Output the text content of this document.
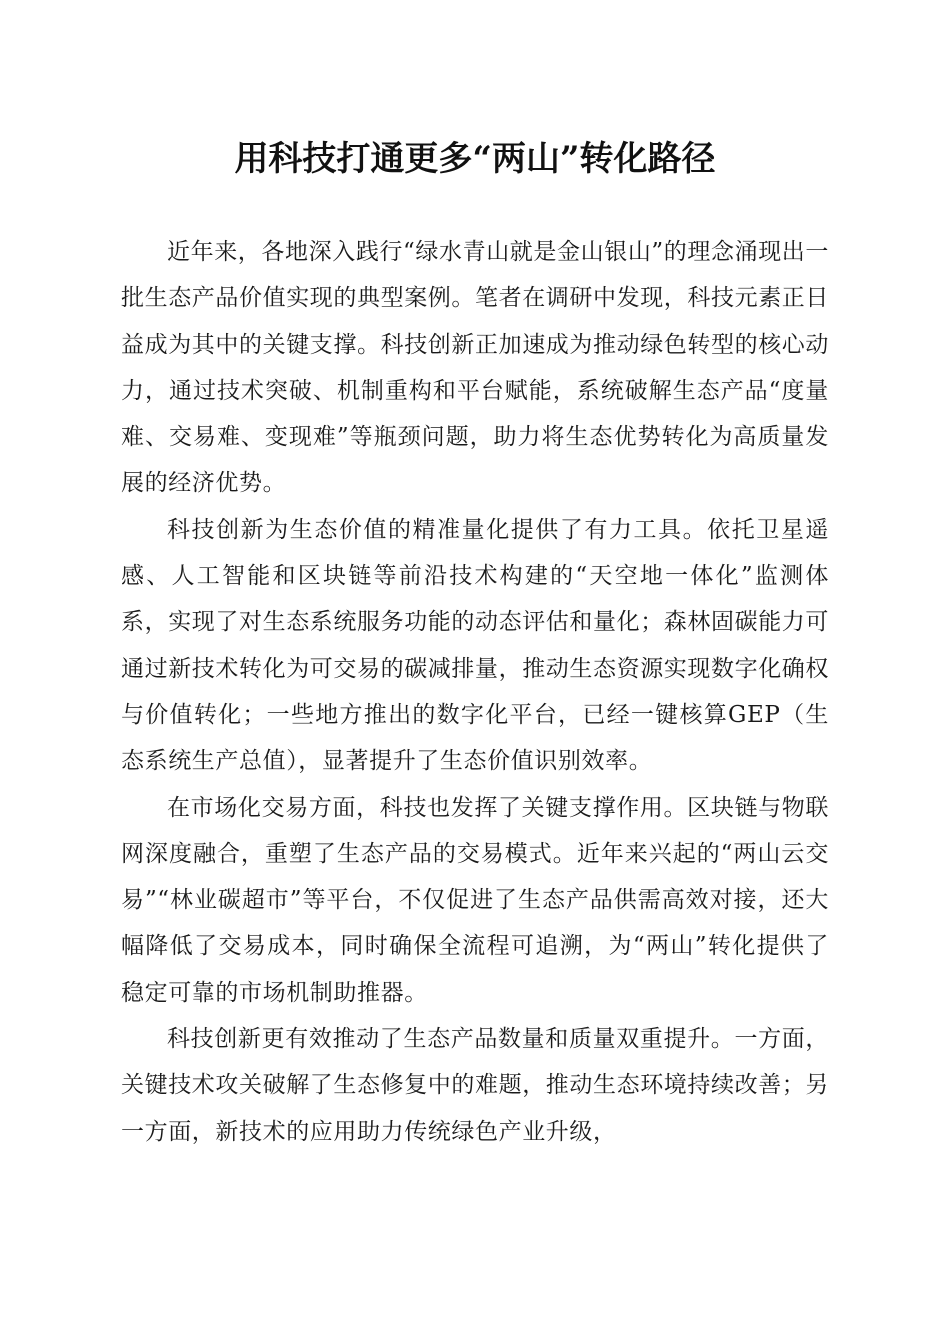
用科技打通更多“两山”转化路径

近年来，各地深入践行“绿水青山就是金山银山”的理念涌现出一批生态产品价值实现的典型案例。笔者在调研中发现，科技元素正日益成为其中的关键支撑。科技创新正加速成为推动绿色转型的核心动力，通过技术突破、机制重构和平台赋能，系统破解生态产品“度量难、交易难、变现难”等瓶颈问题，助力将生态优势转化为高质量发展的经济优势。

科技创新为生态价值的精准量化提供了有力工具。依托卫星遥感、人工智能和区块链等前沿技术构建的“天空地一体化”监测体系，实现了对生态系统服务功能的动态评估和量化；森林固碳能力可通过新技术转化为可交易的碳减排量，推动生态资源实现数字化确权与价值转化；一些地方推出的数字化平台，已经一键核算GEP（生态系统生产总值），显著提升了生态价值识别效率。

在市场化交易方面，科技也发挥了关键支撑作用。区块链与物联网深度融合，重塑了生态产品的交易模式。近年来兴起的“两山云交易”“林业碳超市”等平台，不仅促进了生态产品供需高效对接，还大幅降低了交易成本，同时确保全流程可追溯，为“两山”转化提供了稳定可靠的市场机制助推器。

科技创新更有效推动了生态产品数量和质量双重提升。一方面，关键技术攻关破解了生态修复中的难题，推动生态环境持续改善；另一方面，新技术的应用助力传统绿色产业升级，
